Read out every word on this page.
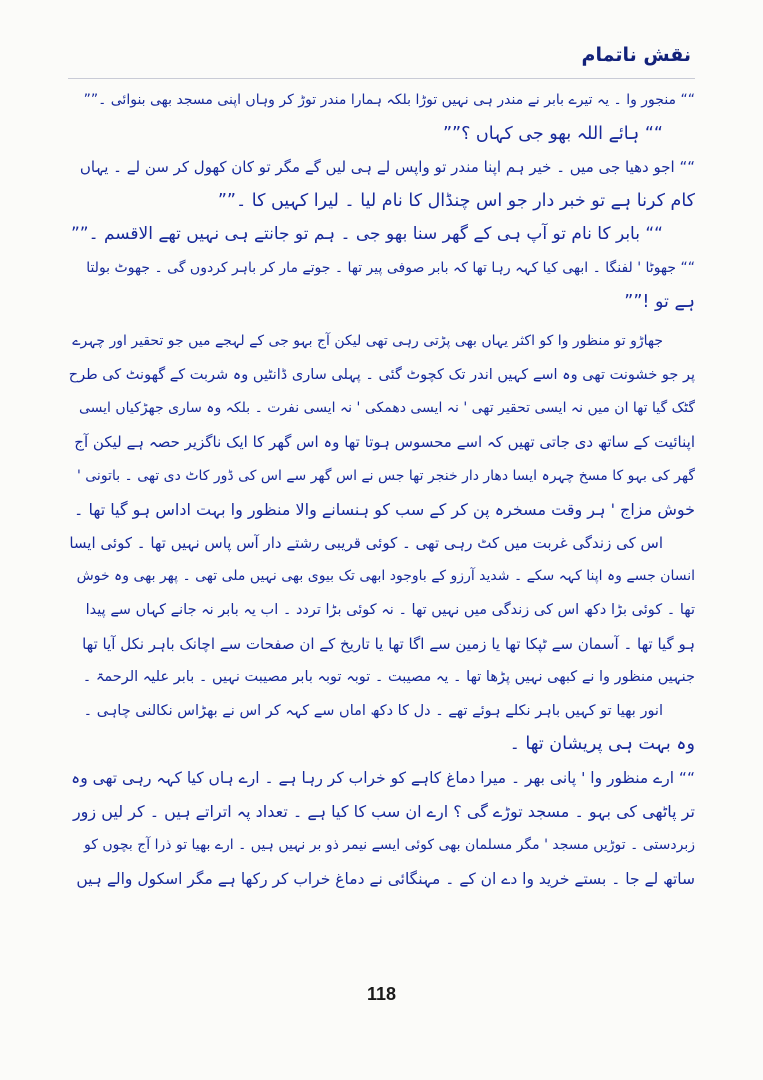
نقش ناتمام
““ منجور وا ۔ یہ تیرے بابر نے مندر ہی نہیں توڑا بلکہ ہمارا مندر توڑ کر وہاں اپنی مسجد بھی بنوائی ۔””
““ ہائے اللہ بھو جی کہاں ؟””
““ اجو دھیا جی میں ۔ خیر ہم اپنا مندر تو واپس لے ہی لیں گے مگر تو کان کھول کر سن لے ۔ یہاں
کام کرنا ہے تو خبر دار جو اس چنڈال کا نام لیا ۔ لیرا کہیں کا ۔””
““ بابر کا نام تو آپ ہی کے گھر سنا بھو جی ۔ ہم تو جانتے ہی نہیں تھے الاقسم ۔””
““ جھوٹا ' لفنگا ۔ ابھی کیا کہہ رہا تھا کہ بابر صوفی پیر تھا ۔ جوتے مار کر باہر کردوں گی ۔ جھوٹ بولتا
ہے تو !””
جھاڑو تو منظور وا کو اکثر یہاں بھی پڑتی رہی تھی لیکن آج بہو جی کے لہجے میں جو تحقیر اور چہرے
پر جو خشونت تھی وہ اسے کہیں اندر تک کچوٹ گئی ۔ پہلی ساری ڈانٹیں وہ شربت کے گھونٹ کی طرح
گٹک گیا تھا ان میں نہ ایسی تحقیر تھی ' نہ ایسی دھمکی ' نہ ایسی نفرت ۔ بلکہ وہ ساری جھڑکیاں ایسی
اپنائیت کے ساتھ دی جاتی تھیں کہ اسے محسوس ہوتا تھا وہ اس گھر کا ایک ناگزیر حصہ ہے لیکن آج
گھر کی بہو کا مسخ چہرہ ایسا دھار دار خنجر تھا جس نے اس گھر سے اس کی ڈور کاٹ دی تھی ۔ باتونی '
خوش مزاج ' ہر وقت مسخرہ پن کر کے سب کو ہنسانے والا منظور وا بہت اداس ہو گیا تھا ۔
اس کی زندگی غربت میں کٹ رہی تھی ۔ کوئی قریبی رشتے دار آس پاس نہیں تھا ۔ کوئی ایسا
انسان جسے وہ اپنا کہہ سکے ۔ شدید آرزو کے باوجود ابھی تک بیوی بھی نہیں ملی تھی ۔ پھر بھی وہ خوش
تھا ۔ کوئی بڑا دکھ اس کی زندگی میں نہیں تھا ۔ نہ کوئی بڑا تردد ۔ اب یہ بابر نہ جانے کہاں سے پیدا
ہو گیا تھا ۔ آسمان سے ٹپکا تھا یا زمین سے اگا تھا یا تاریخ کے ان صفحات سے اچانک باہر نکل آیا تھا
جنہیں منظور وا نے کبھی نہیں پڑھا تھا ۔ یہ مصیبت ۔ توبہ توبہ بابر مصیبت نہیں ۔ بابر علیہ الرحمۃ ۔
انور بھیا تو کہیں باہر نکلے ہوئے تھے ۔ دل کا دکھ اماں سے کہہ کر اس نے بھڑاس نکالنی چاہی ۔
وہ بہت ہی پریشان تھا ۔
““ ارے منظور وا ' پانی بھر ۔ میرا دماغ کاہے کو خراب کر رہا ہے ۔ ارے ہاں کیا کہہ رہی تھی وہ
تر پاٹھی کی بہو ۔ مسجد توڑے گی ؟ ارے ان سب کا کیا ہے ۔ تعداد پہ اتراتے ہیں ۔ کر لیں زور
زبردستی ۔ توڑیں مسجد ' مگر مسلمان بھی کوئی ایسے نیمر ذو بر نہیں ہیں ۔ ارے بھیا تو ذرا آج بچوں کو
ساتھ لے جا ۔ بستے خرید وا دے ان کے ۔ مہنگائی نے دماغ خراب کر رکھا ہے مگر اسکول والے ہیں
118
